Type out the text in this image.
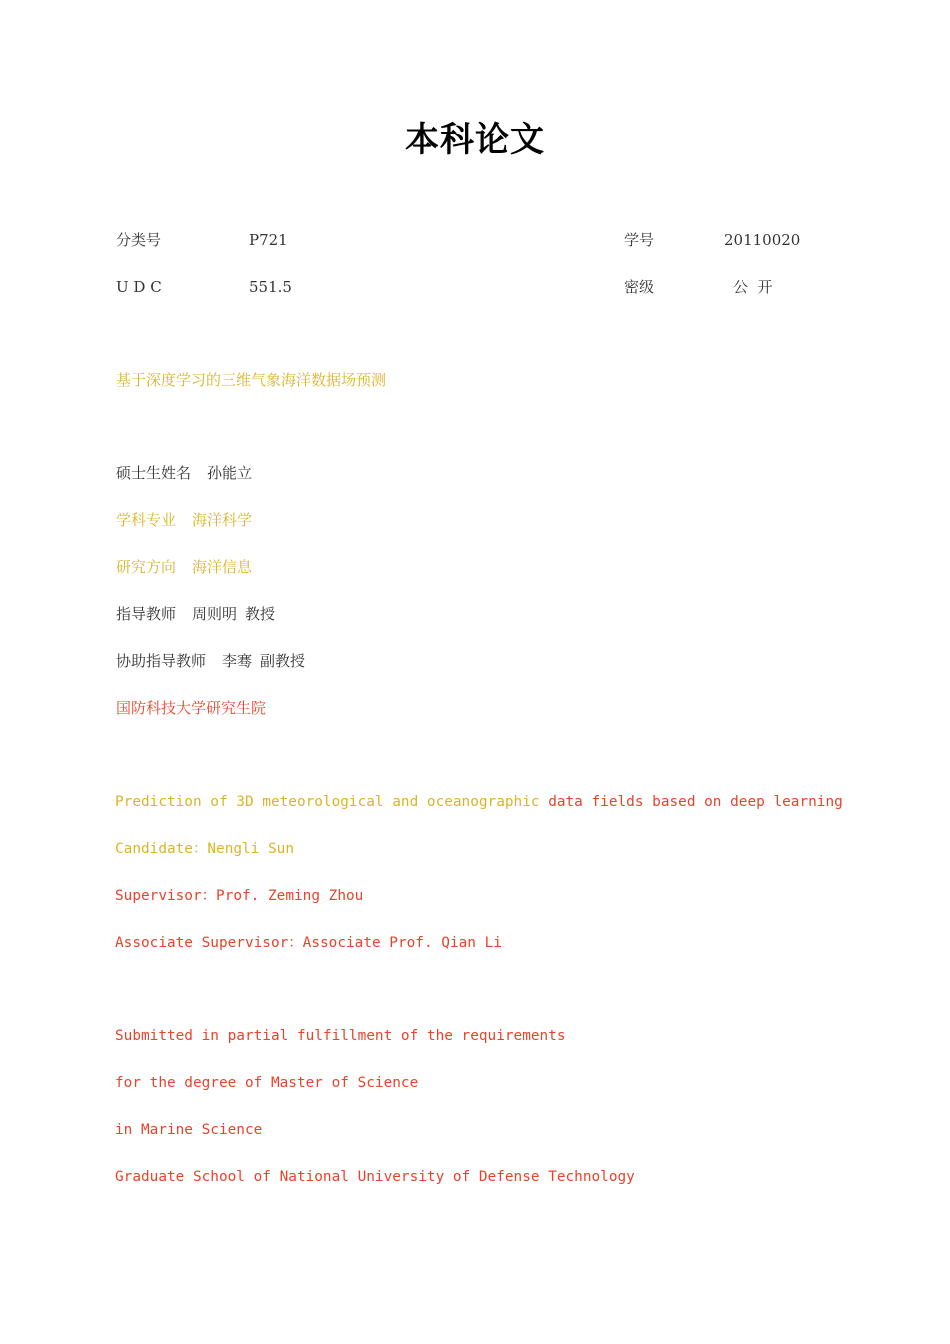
本科论文
分类号	P721	学号	20110020
U D C	551.5	密级	公  开
基于深度学习的三维气象海洋数据场预测
硕士生姓名 孙能立
学科专业 海洋科学
研究方向 海洋信息
指导教师 周则明 教授
协助指导教师 李骞 副教授
国防科技大学研究生院
Prediction of 3D meteorological and oceanographic data fields based on deep learning
Candidate：Nengli Sun
Supervisor：Prof. Zeming Zhou
Associate Supervisor：Associate Prof. Qian Li
Submitted in partial fulfillment of the requirements
for the degree of Master of Science
in Marine Science
Graduate School of National University of Defense Technology
